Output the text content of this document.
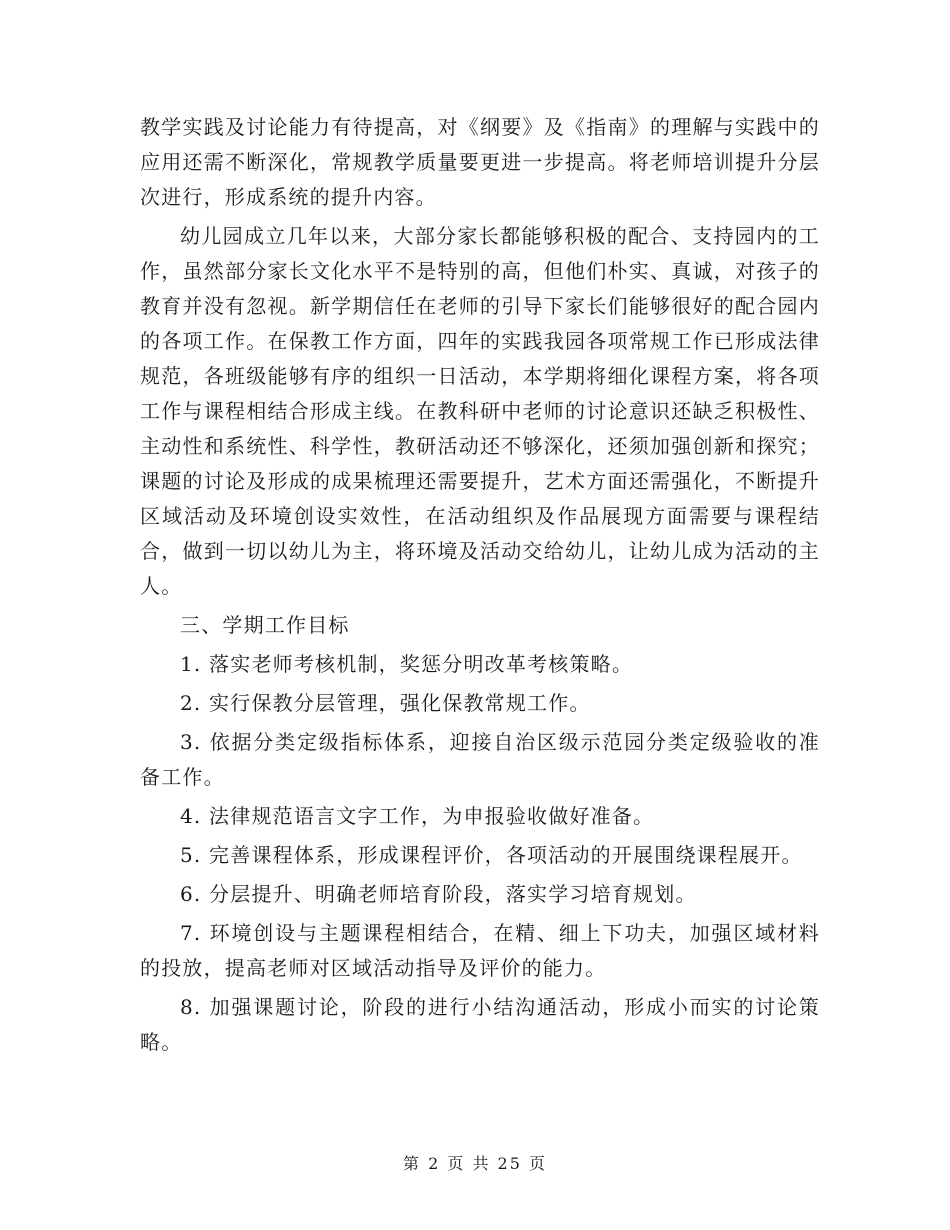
教学实践及讨论能力有待提高，对《纲要》及《指南》的理解与实践中的应用还需不断深化，常规教学质量要更进一步提高。将老师培训提升分层次进行，形成系统的提升内容。

幼儿园成立几年以来，大部分家长都能够积极的配合、支持园内的工作，虽然部分家长文化水平不是特别的高，但他们朴实、真诚，对孩子的教育并没有忽视。新学期信任在老师的引导下家长们能够很好的配合园内的各项工作。在保教工作方面，四年的实践我园各项常规工作已形成法律规范，各班级能够有序的组织一日活动，本学期将细化课程方案，将各项工作与课程相结合形成主线。在教科研中老师的讨论意识还缺乏积极性、主动性和系统性、科学性，教研活动还不够深化，还须加强创新和探究；课题的讨论及形成的成果梳理还需要提升，艺术方面还需强化，不断提升区域活动及环境创设实效性，在活动组织及作品展现方面需要与课程结合，做到一切以幼儿为主，将环境及活动交给幼儿，让幼儿成为活动的主人。

三、学期工作目标

1. 落实老师考核机制，奖惩分明改革考核策略。

2. 实行保教分层管理，强化保教常规工作。

3. 依据分类定级指标体系，迎接自治区级示范园分类定级验收的准备工作。

4. 法律规范语言文字工作，为申报验收做好准备。

5. 完善课程体系，形成课程评价，各项活动的开展围绕课程展开。

6. 分层提升、明确老师培育阶段，落实学习培育规划。

7. 环境创设与主题课程相结合，在精、细上下功夫，加强区域材料的投放，提高老师对区域活动指导及评价的能力。

8. 加强课题讨论，阶段的进行小结沟通活动，形成小而实的讨论策略。

第 2 页 共 25 页
